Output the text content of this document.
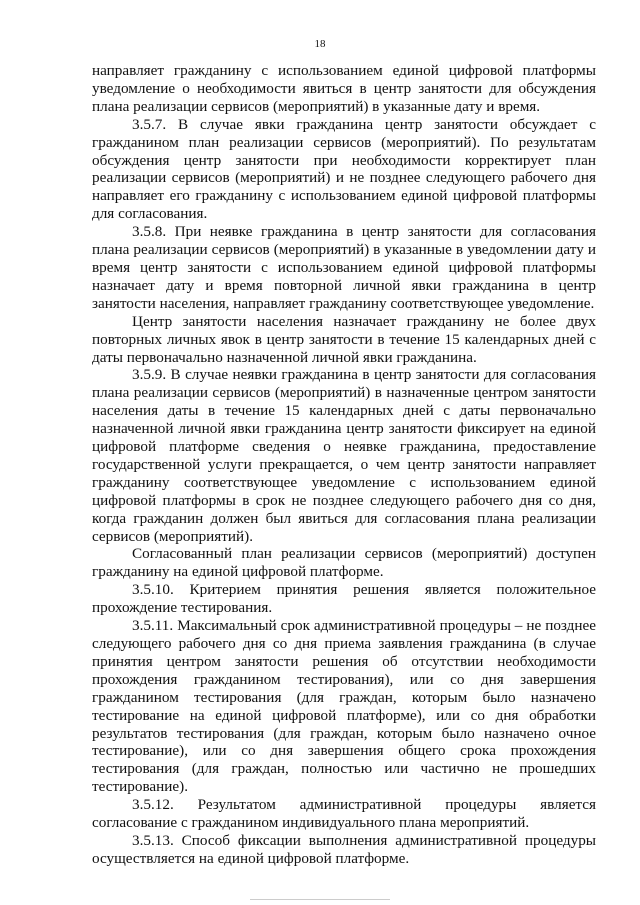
18

направляет гражданину с использованием единой цифровой платформы уведомление о необходимости явиться в центр занятости для обсуждения плана реализации сервисов (мероприятий) в указанные дату и время.

3.5.7. В случае явки гражданина центр занятости обсуждает с гражданином план реализации сервисов (мероприятий). По результатам обсуждения центр занятости при необходимости корректирует план реализации сервисов (мероприятий) и не позднее следующего рабочего дня направляет его гражданину с использованием единой цифровой платформы для согласования.

3.5.8. При неявке гражданина в центр занятости для согласования плана реализации сервисов (мероприятий) в указанные в уведомлении дату и время центр занятости с использованием единой цифровой платформы назначает дату и время повторной личной явки гражданина в центр занятости населения, направляет гражданину соответствующее уведомление.

Центр занятости населения назначает гражданину не более двух повторных личных явок в центр занятости в течение 15 календарных дней с даты первоначально назначенной личной явки гражданина.

3.5.9. В случае неявки гражданина в центр занятости для согласования плана реализации сервисов (мероприятий) в назначенные центром занятости населения даты в течение 15 календарных дней с даты первоначально назначенной личной явки гражданина центр занятости фиксирует на единой цифровой платформе сведения о неявке гражданина, предоставление государственной услуги прекращается, о чем центр занятости направляет гражданину соответствующее уведомление с использованием единой цифровой платформы в срок не позднее следующего рабочего дня со дня, когда гражданин должен был явиться для согласования плана реализации сервисов (мероприятий).

Согласованный план реализации сервисов (мероприятий) доступен гражданину на единой цифровой платформе.

3.5.10. Критерием принятия решения является положительное прохождение тестирования.

3.5.11. Максимальный срок административной процедуры – не позднее следующего рабочего дня со дня приема заявления гражданина (в случае принятия центром занятости решения об отсутствии необходимости прохождения гражданином тестирования), или со дня завершения гражданином тестирования (для граждан, которым было назначено тестирование на единой цифровой платформе), или со дня обработки результатов тестирования (для граждан, которым было назначено очное тестирование), или со дня завершения общего срока прохождения тестирования (для граждан, полностью или частично не прошедших тестирование).

3.5.12. Результатом административной процедуры является согласование с гражданином индивидуального плана мероприятий.

3.5.13. Способ фиксации выполнения административной процедуры осуществляется на единой цифровой платформе.
